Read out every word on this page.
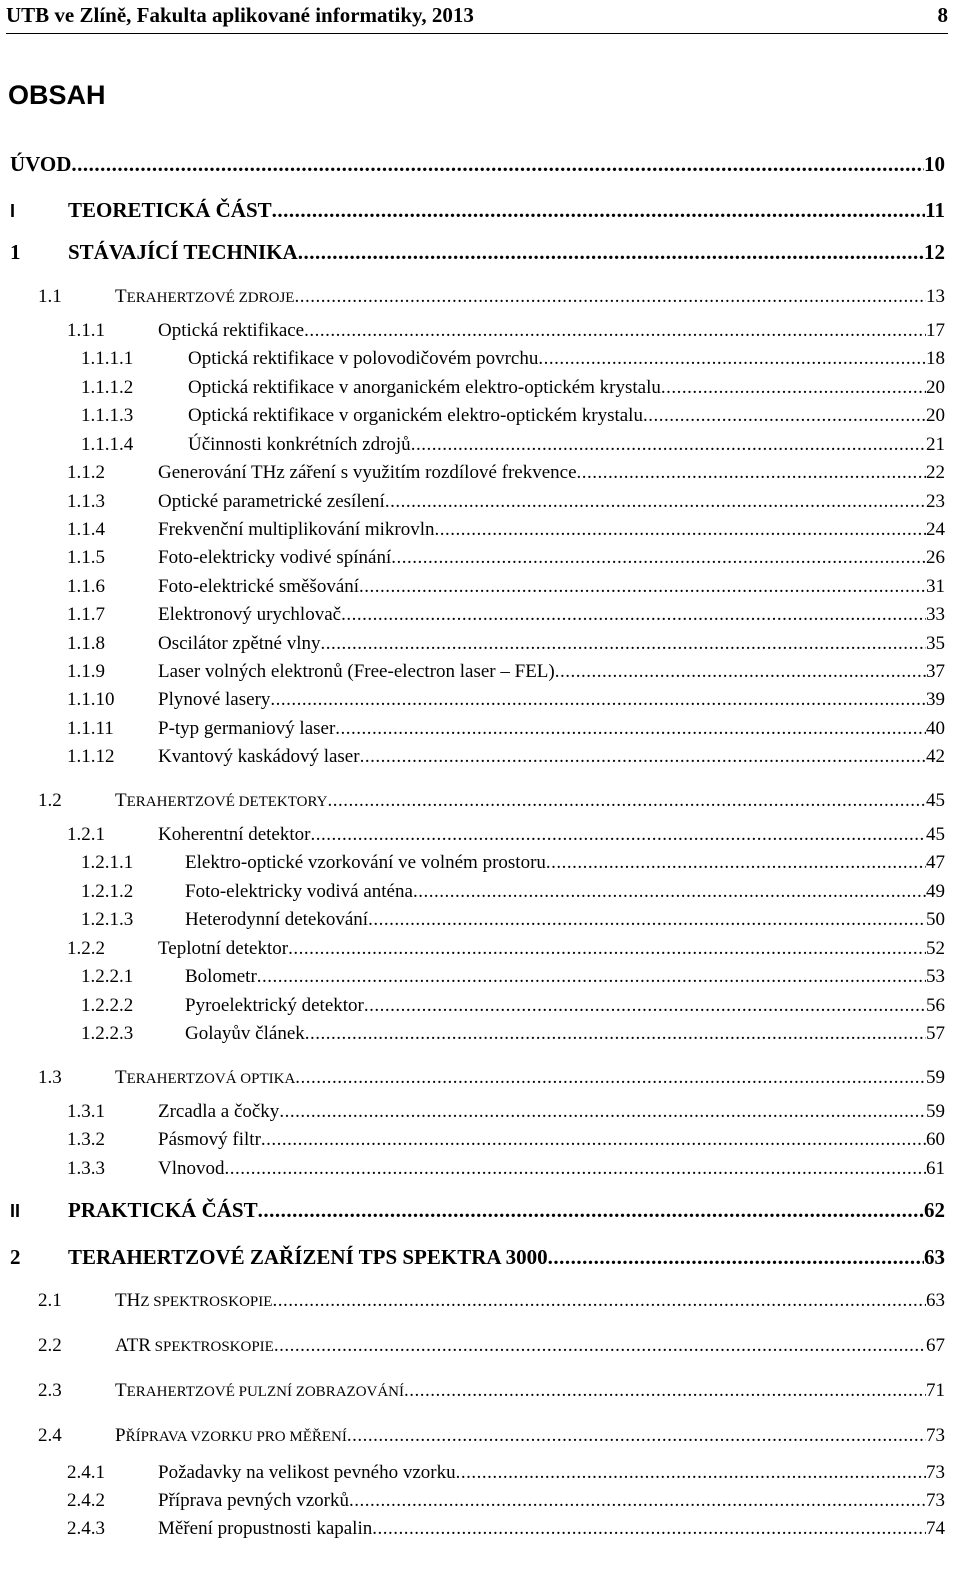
UTB ve Zlíně, Fakulta aplikované informatiky, 2013	8
OBSAH
ÚVOD .....	10
I	TEORETICKÁ ČÁST .....	11
1	STÁVAJÍCÍ TECHNIKA .....	12
1.1	TERAHERTZOVÉ ZDROJE .....	13
1.1.1	Optická rektifikace .....	17
1.1.1.1	Optická rektifikace v polovodičovém povrchu .....	18
1.1.1.2	Optická rektifikace v anorganickém elektro-optickém krystalu .....	20
1.1.1.3	Optická rektifikace v organickém elektro-optickém krystalu .....	20
1.1.1.4	Účinnosti konkrétních zdrojů .....	21
1.1.2	Generování THz záření s využitím rozdílové frekvence .....	22
1.1.3	Optické parametrické zesílení .....	23
1.1.4	Frekvenční multiplikování mikrovln .....	24
1.1.5	Foto-elektricky vodivé spínání .....	26
1.1.6	Foto-elektrické směšování .....	31
1.1.7	Elektronový urychlovač .....	33
1.1.8	Oscilátor zpětné vlny .....	35
1.1.9	Laser volných elektronů (Free-electron laser – FEL) .....	37
1.1.10	Plynové lasery .....	39
1.1.11	P-typ germaniový laser .....	40
1.1.12	Kvantový kaskádový laser .....	42
1.2	TERAHERTZOVÉ DETEKTORY .....	45
1.2.1	Koherentní detektor .....	45
1.2.1.1	Elektro-optické vzorkování ve volném prostoru .....	47
1.2.1.2	Foto-elektricky vodivá anténa .....	49
1.2.1.3	Heterodynní detekování .....	50
1.2.2	Teplotní detektor .....	52
1.2.2.1	Bolometr .....	53
1.2.2.2	Pyroelektrický detektor .....	56
1.2.2.3	Golayův článek .....	57
1.3	TERAHERTZOVÁ OPTIKA .....	59
1.3.1	Zrcadla a čočky .....	59
1.3.2	Pásmový filtr .....	60
1.3.3	Vlnovod .....	61
II	PRAKTICKÁ ČÁST .....	62
2	TERAHERTZOVÉ ZAŘÍZENÍ TPS SPEKTRA 3000 .....	63
2.1	THZ SPEKTROSKOPIE .....	63
2.2	ATR SPEKTROSKOPIE .....	67
2.3	TERAHERTZOVÉ PULZNÍ ZOBRAZOVÁNÍ .....	71
2.4	PŘÍPRAVA VZORKU PRO MĚŘENÍ .....	73
2.4.1	Požadavky na velikost pevného vzorku .....	73
2.4.2	Příprava pevných vzorků .....	73
2.4.3	Měření propustnosti kapalin .....	74
